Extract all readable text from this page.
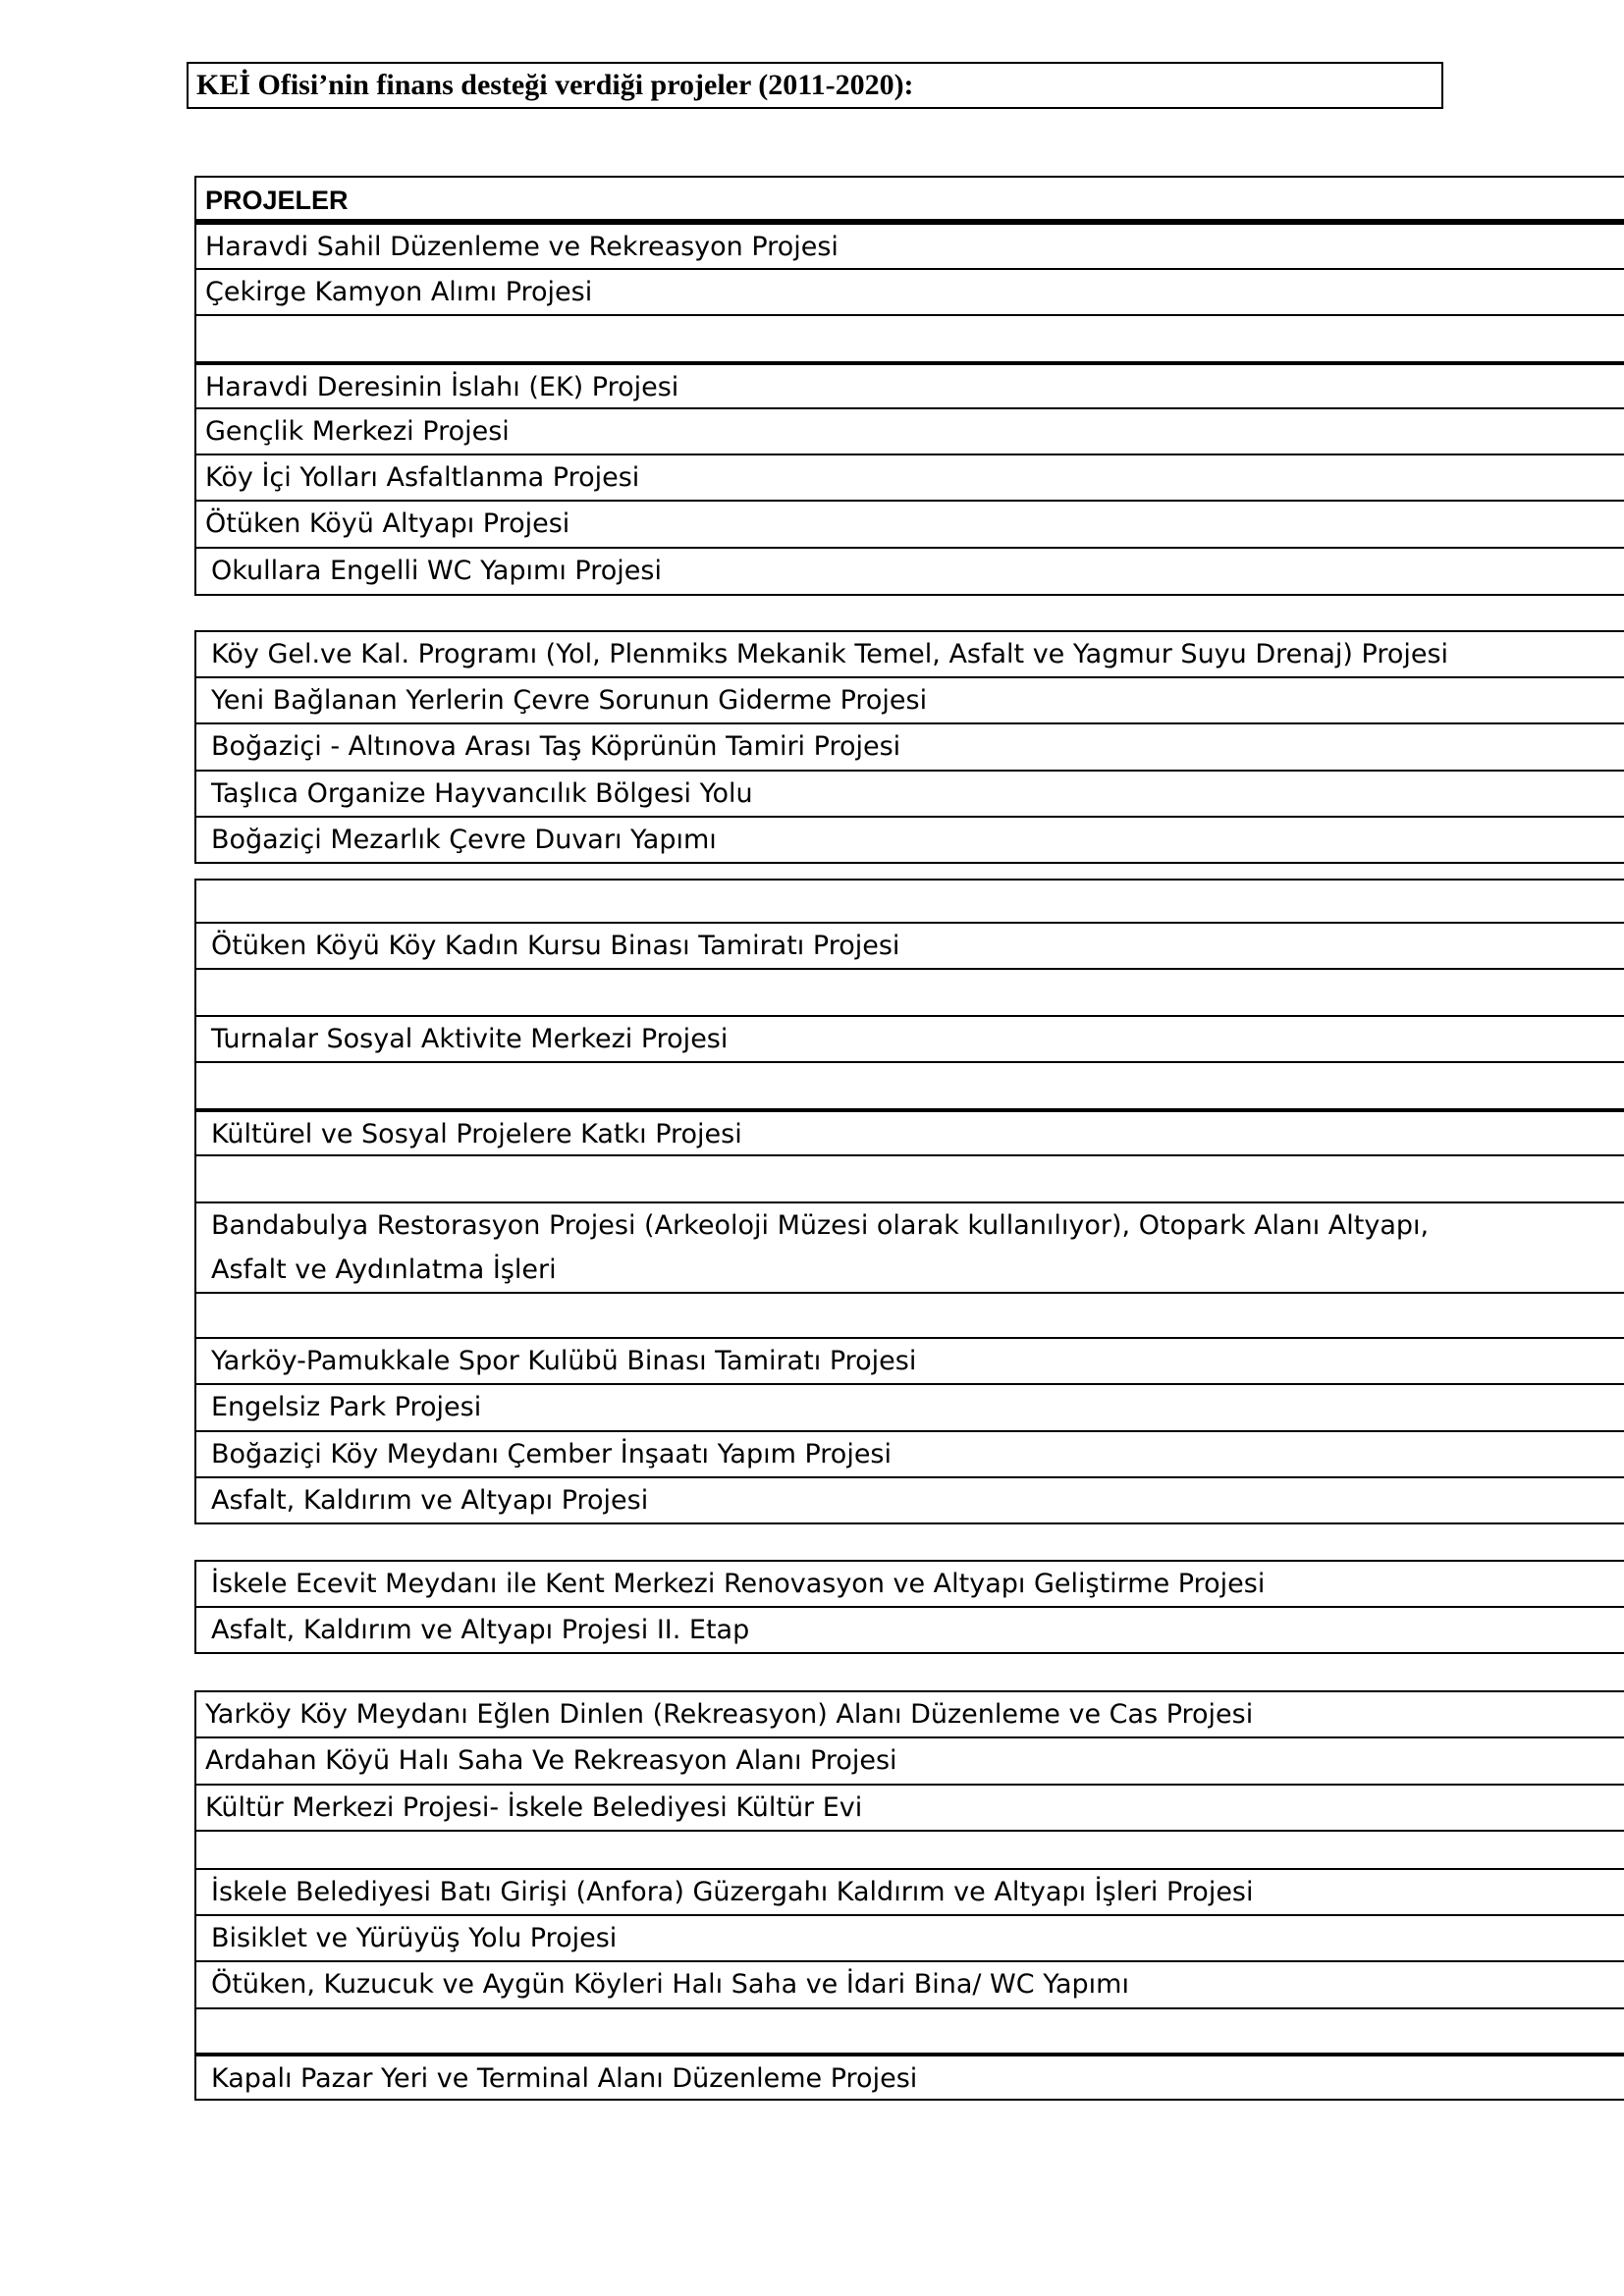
KEİ Ofisi’nin finans desteği verdiği projeler (2011-2020):
PROJELER
Haravdi Sahil Düzenleme ve Rekreasyon Projesi
Çekirge Kamyon Alımı Projesi
Haravdi Deresinin İslahı (EK) Projesi
Gençlik Merkezi Projesi
Köy İçi Yolları Asfaltlanma Projesi
Ötüken Köyü Altyapı Projesi
Okullara Engelli WC Yapımı Projesi
Köy Gel.ve Kal. Programı (Yol, Plenmiks Mekanik Temel, Asfalt ve Yagmur Suyu Drenaj) Projesi
Yeni Bağlanan Yerlerin Çevre Sorunun Giderme Projesi
Boğaziçi - Altınova Arası Taş Köprünün Tamiri Projesi
Taşlıca Organize Hayvancılık Bölgesi Yolu
Boğaziçi Mezarlık Çevre Duvarı Yapımı
Ötüken Köyü Köy Kadın Kursu Binası Tamiratı Projesi
Turnalar Sosyal Aktivite Merkezi Projesi
Kültürel ve Sosyal Projelere Katkı Projesi
Bandabulya Restorasyon Projesi (Arkeoloji Müzesi olarak kullanılıyor), Otopark Alanı Altyapı,
Asfalt ve Aydınlatma İşleri
Yarköy-Pamukkale Spor Kulübü Binası Tamiratı Projesi
Engelsiz Park Projesi
Boğaziçi Köy Meydanı Çember İnşaatı Yapım Projesi
Asfalt, Kaldırım ve Altyapı Projesi
İskele Ecevit Meydanı ile Kent Merkezi Renovasyon ve Altyapı Geliştirme Projesi
Asfalt, Kaldırım ve Altyapı Projesi II. Etap
Yarköy Köy Meydanı Eğlen Dinlen (Rekreasyon) Alanı Düzenleme ve Cas Projesi
Ardahan Köyü Halı Saha Ve Rekreasyon Alanı Projesi
Kültür Merkezi Projesi- İskele Belediyesi Kültür Evi
İskele Belediyesi Batı Girişi (Anfora) Güzergahı Kaldırım ve Altyapı İşleri Projesi
Bisiklet ve Yürüyüş Yolu Projesi
Ötüken, Kuzucuk ve Aygün Köyleri Halı Saha ve İdari Bina/ WC Yapımı
Kapalı Pazar Yeri ve Terminal Alanı Düzenleme Projesi
